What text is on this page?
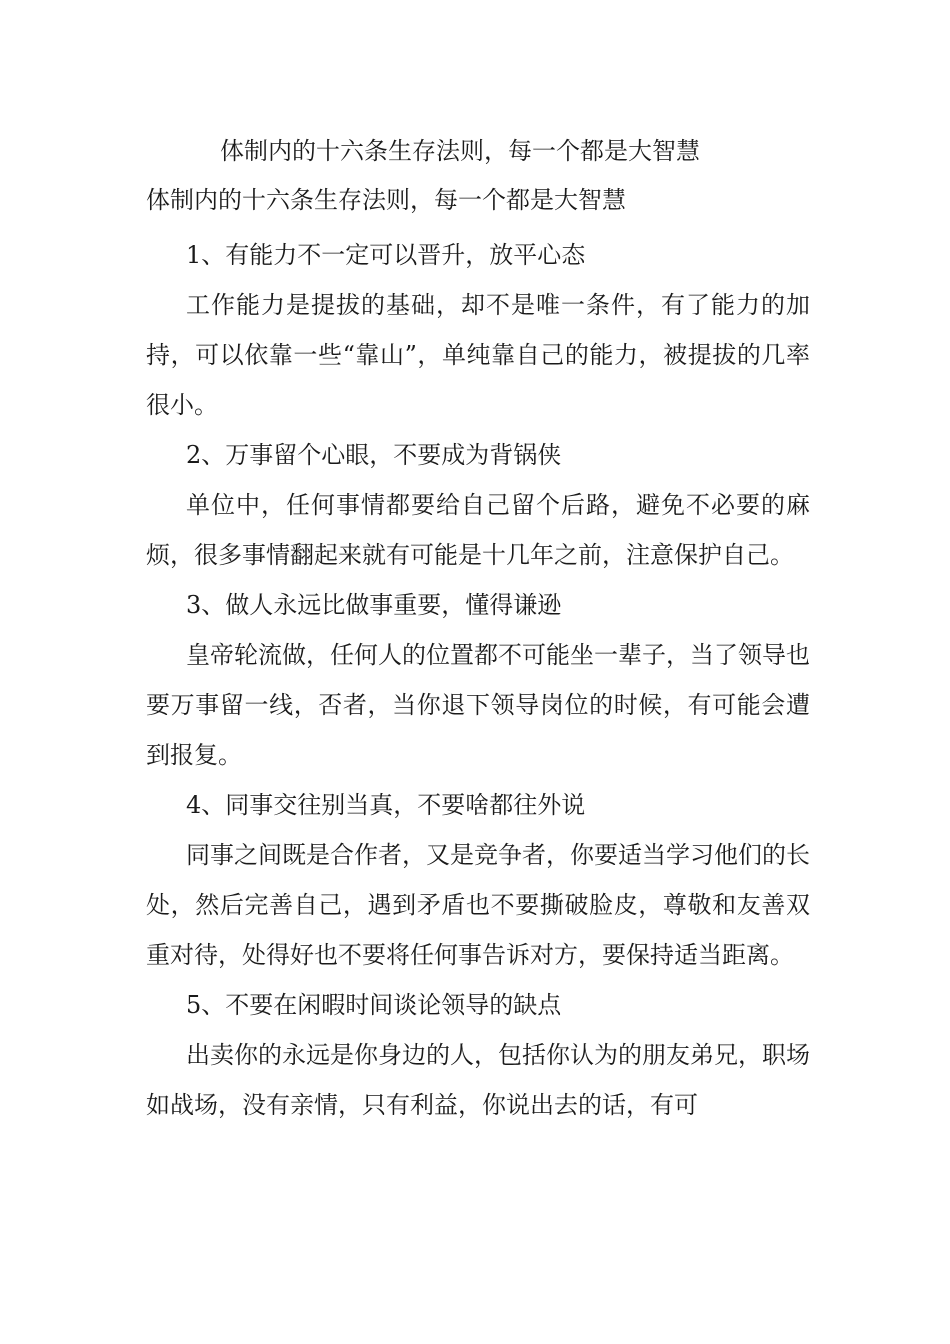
体制内的十六条生存法则，每一个都是大智慧
体制内的十六条生存法则，每一个都是大智慧

1、有能力不一定可以晋升，放平心态

工作能力是提拔的基础，却不是唯一条件，有了能力的加持，可以依靠一些“靠山”，单纯靠自己的能力，被提拔的几率很小。

2、万事留个心眼，不要成为背锅侠

单位中，任何事情都要给自己留个后路，避免不必要的麻烦，很多事情翻起来就有可能是十几年之前，注意保护自己。

3、做人永远比做事重要，懂得谦逊

皇帝轮流做，任何人的位置都不可能坐一辈子，当了领导也要万事留一线，否者，当你退下领导岗位的时候，有可能会遭到报复。

4、同事交往别当真，不要啥都往外说

同事之间既是合作者，又是竞争者，你要适当学习他们的长处，然后完善自己，遇到矛盾也不要撕破脸皮，尊敬和友善双重对待，处得好也不要将任何事告诉对方，要保持适当距离。

5、不要在闲暇时间谈论领导的缺点

出卖你的永远是你身边的人，包括你认为的朋友弟兄，职场如战场，没有亲情，只有利益，你说出去的话，有可
